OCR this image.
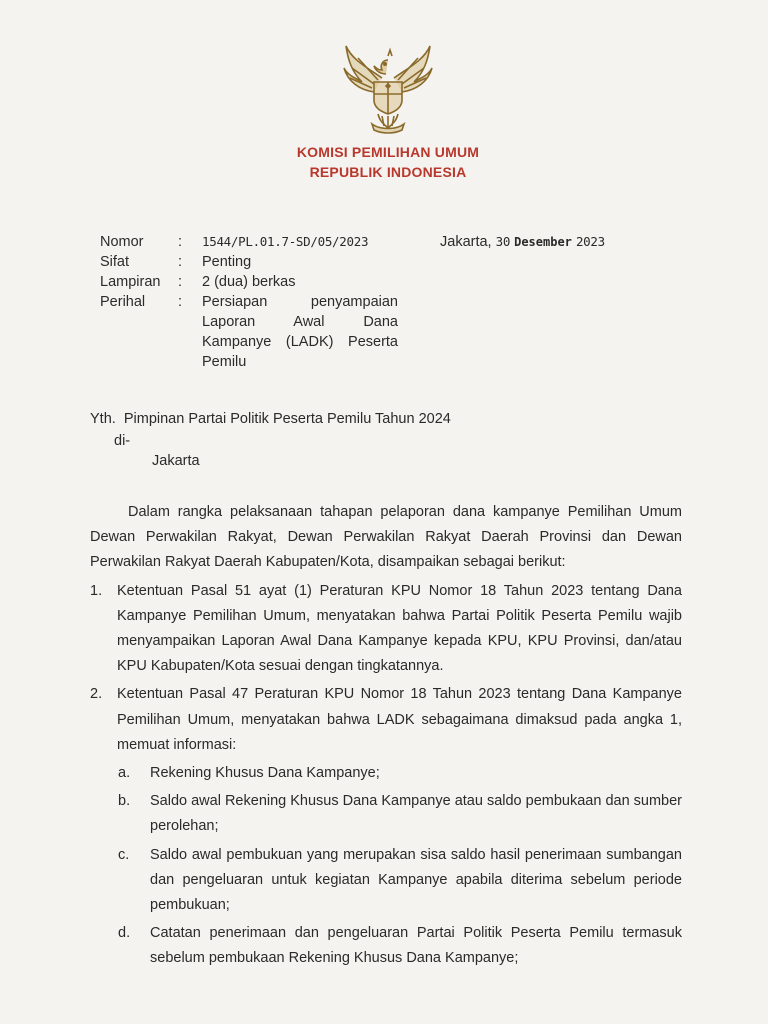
KOMISI PEMILIHAN UMUM
REPUBLIK INDONESIA
Nomor	:	1544/PL.01.7-SD/05/2023
Sifat	:	Penting
Lampiran	:	2 (dua) berkas
Perihal	:	Persiapan penyampaian
Laporan Awal Dana
Kampanye (LADK) Peserta
Pemilu
Jakarta, 30 Desember 2023
Yth.  Pimpinan Partai Politik Peserta Pemilu Tahun 2024
di-
Jakarta

Dalam rangka pelaksanaan tahapan pelaporan dana kampanye Pemilihan Umum Dewan Perwakilan Rakyat, Dewan Perwakilan Rakyat Daerah Provinsi dan Dewan Perwakilan Rakyat Daerah Kabupaten/Kota, disampaikan sebagai berikut:

1.	Ketentuan Pasal 51 ayat (1) Peraturan KPU Nomor 18 Tahun 2023 tentang Dana Kampanye Pemilihan Umum, menyatakan bahwa Partai Politik Peserta Pemilu wajib menyampaikan Laporan Awal Dana Kampanye kepada KPU, KPU Provinsi, dan/atau KPU Kabupaten/Kota sesuai dengan tingkatannya.
2.	Ketentuan Pasal 47 Peraturan KPU Nomor 18 Tahun 2023 tentang Dana Kampanye Pemilihan Umum, menyatakan bahwa LADK sebagaimana dimaksud pada angka 1, memuat informasi:
a.	Rekening Khusus Dana Kampanye;
b.	Saldo awal Rekening Khusus Dana Kampanye atau saldo pembukaan dan sumber perolehan;
c.	Saldo awal pembukuan yang merupakan sisa saldo hasil penerimaan sumbangan dan pengeluaran untuk kegiatan Kampanye apabila diterima sebelum periode pembukuan;
d.	Catatan penerimaan dan pengeluaran Partai Politik Peserta Pemilu termasuk sebelum pembukaan Rekening Khusus Dana Kampanye;
